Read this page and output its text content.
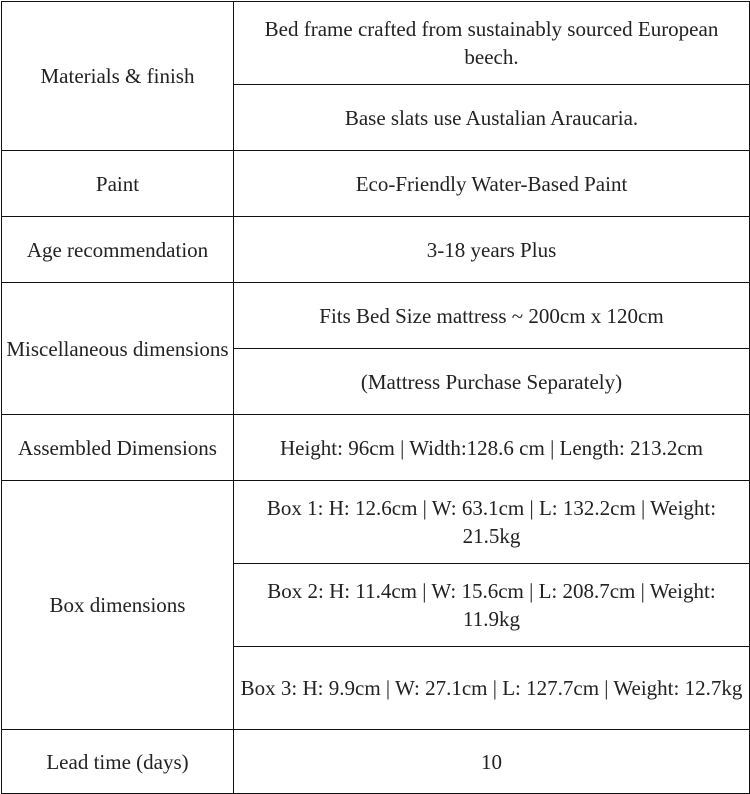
Materials & finish	Bed frame crafted from sustainably sourced European beech.
	Base slats use Austalian Araucaria.
Paint	Eco-Friendly Water-Based Paint
Age recommendation	3-18 years Plus
Miscellaneous dimensions	Fits Bed Size mattress ~ 200cm x 120cm
	(Mattress Purchase Separately)
Assembled Dimensions	Height: 96cm | Width:128.6 cm | Length: 213.2cm
Box dimensions	Box 1: H: 12.6cm | W: 63.1cm | L: 132.2cm | Weight: 21.5kg
	Box 2: H: 11.4cm | W: 15.6cm | L: 208.7cm | Weight: 11.9kg
	Box 3: H: 9.9cm | W: 27.1cm | L: 127.7cm | Weight: 12.7kg
Lead time (days)	10
